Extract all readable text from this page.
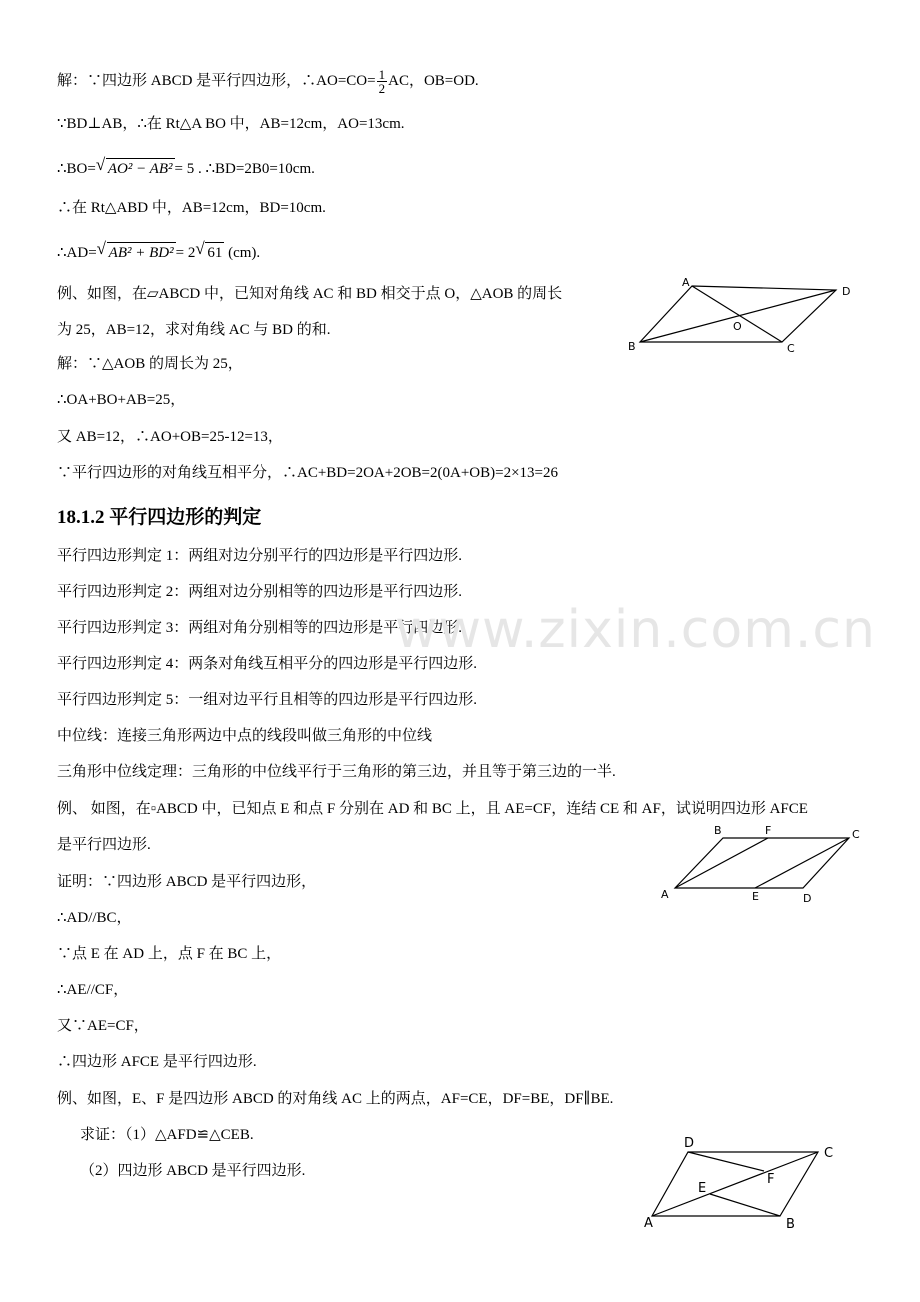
解：∵四边形 ABCD 是平行四边形，∴AO=CO= $\frac{1}{2}$ AC，OB=OD.
∵BD⊥AB，∴在 Rt△A BO 中，AB=12cm，AO=13cm.
∴BO= √ AO² − AB² = 5 . ∴BD=2B0=10cm.
∴在 Rt△ABD 中，AB=12cm，BD=10cm.
∴AD= √ AB² + BD² = 2 √ 61 (cm).
例、如图，在▱ABCD 中，已知对角线 AC 和 BD 相交于点 O，△AOB 的周长
为 25，AB=12，求对角线 AC 与 BD 的和.
解：∵△AOB 的周长为 25，
∴OA+BO+AB=25，
又 AB=12，∴AO+OB=25-12=13，
∵平行四边形的对角线互相平分，∴AC+BD=2OA+2OB=2(0A+OB)=2×13=26
A
D
B	C
O
18.1.2 平行四边形的判定
平行四边形判定 1：两组对边分别平行的四边形是平行四边形.
平行四边形判定 2：两组对边分别相等的四边形是平行四边形.
平行四边形判定 3：两组对角分别相等的四边形是平行四边形.
平行四边形判定 4：两条对角线互相平分的四边形是平行四边形.
平行四边形判定 5：一组对边平行且相等的四边形是平行四边形.
中位线：连接三角形两边中点的线段叫做三角形的中位线
三角形中位线定理：三角形的中位线平行于三角形的第三边，并且等于第三边的一半.
例、 如图，在▫ABCD 中，已知点 E 和点 F 分别在 AD 和 BC 上，且 AE=CF，连结 CE 和 AF，试说明四边形 AFCE
是平行四边形.
证明：∵四边形 ABCD 是平行四边形，
∴AD//BC，
∵点 E 在 AD 上，点 F 在 BC 上，
∴AE//CF，
又∵AE=CF，
∴四边形 AFCE 是平行四边形.
B	F	C
A	E	D
例、如图，E、F 是四边形 ABCD 的对角线 AC 上的两点，AF=CE，DF=BE，DF∥BE.
求证：（1）△AFD≌△CEB.
（2）四边形 ABCD 是平行四边形.
D
C
F
E
A	B
www.zixin.com.cn
